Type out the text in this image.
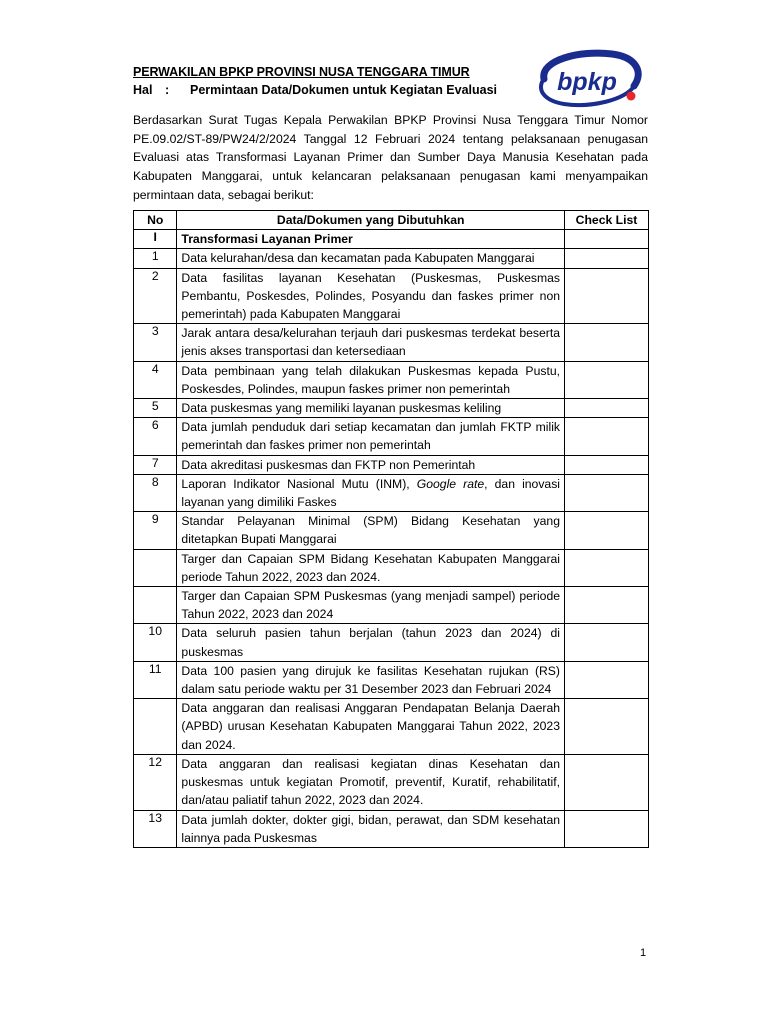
PERWAKILAN BPKP PROVINSI NUSA TENGGARA TIMUR
Hal	:	Permintaan Data/Dokumen untuk Kegiatan Evaluasi bpkp
Berdasarkan Surat Tugas Kepala Perwakilan BPKP Provinsi Nusa Tenggara Timur Nomor PE.09.02/ST-89/PW24/2/2024 Tanggal 12 Februari 2024 tentang pelaksanaan penugasan Evaluasi atas Transformasi Layanan Primer dan Sumber Daya Manusia Kesehatan pada Kabupaten Manggarai, untuk kelancaran pelaksanaan penugasan kami menyampaikan permintaan data, sebagai berikut:
No	Data/Dokumen yang Dibutuhkan	Check List
I	Transformasi Layanan Primer	
1	Data kelurahan/desa dan kecamatan pada Kabupaten Manggarai	
2	Data fasilitas layanan Kesehatan (Puskesmas, Puskesmas Pembantu, Poskesdes, Polindes, Posyandu dan faskes primer non pemerintah) pada Kabupaten Manggarai	
3	Jarak antara desa/kelurahan terjauh dari puskesmas terdekat beserta jenis akses transportasi dan ketersediaan	
4	Data pembinaan yang telah dilakukan Puskesmas kepada Pustu, Poskesdes, Polindes, maupun faskes primer non pemerintah	
5	Data puskesmas yang memiliki layanan puskesmas keliling	
6	Data jumlah penduduk dari setiap kecamatan dan jumlah FKTP milik pemerintah dan faskes primer non pemerintah	
7	Data akreditasi puskesmas dan FKTP non Pemerintah	
8	Laporan Indikator Nasional Mutu (INM), Google rate, dan inovasi layanan yang dimiliki Faskes	
9	Standar Pelayanan Minimal (SPM) Bidang Kesehatan yang ditetapkan Bupati Manggarai	
	Targer dan Capaian SPM Bidang Kesehatan Kabupaten Manggarai periode Tahun 2022, 2023 dan 2024.	
	Targer dan Capaian SPM Puskesmas (yang menjadi sampel) periode Tahun 2022, 2023 dan 2024	
10	Data seluruh pasien tahun berjalan (tahun 2023 dan 2024) di puskesmas	
11	Data 100 pasien yang dirujuk ke fasilitas Kesehatan rujukan (RS) dalam satu periode waktu per 31 Desember 2023 dan Februari 2024	
	Data anggaran dan realisasi Anggaran Pendapatan Belanja Daerah (APBD) urusan Kesehatan Kabupaten Manggarai Tahun 2022, 2023 dan 2024.	
12	Data anggaran dan realisasi kegiatan dinas Kesehatan dan puskesmas untuk kegiatan Promotif, preventif, Kuratif, rehabilitatif, dan/atau paliatif tahun 2022, 2023 dan 2024.	
13	Data jumlah dokter, dokter gigi, bidan, perawat, dan SDM kesehatan lainnya pada Puskesmas	
1
